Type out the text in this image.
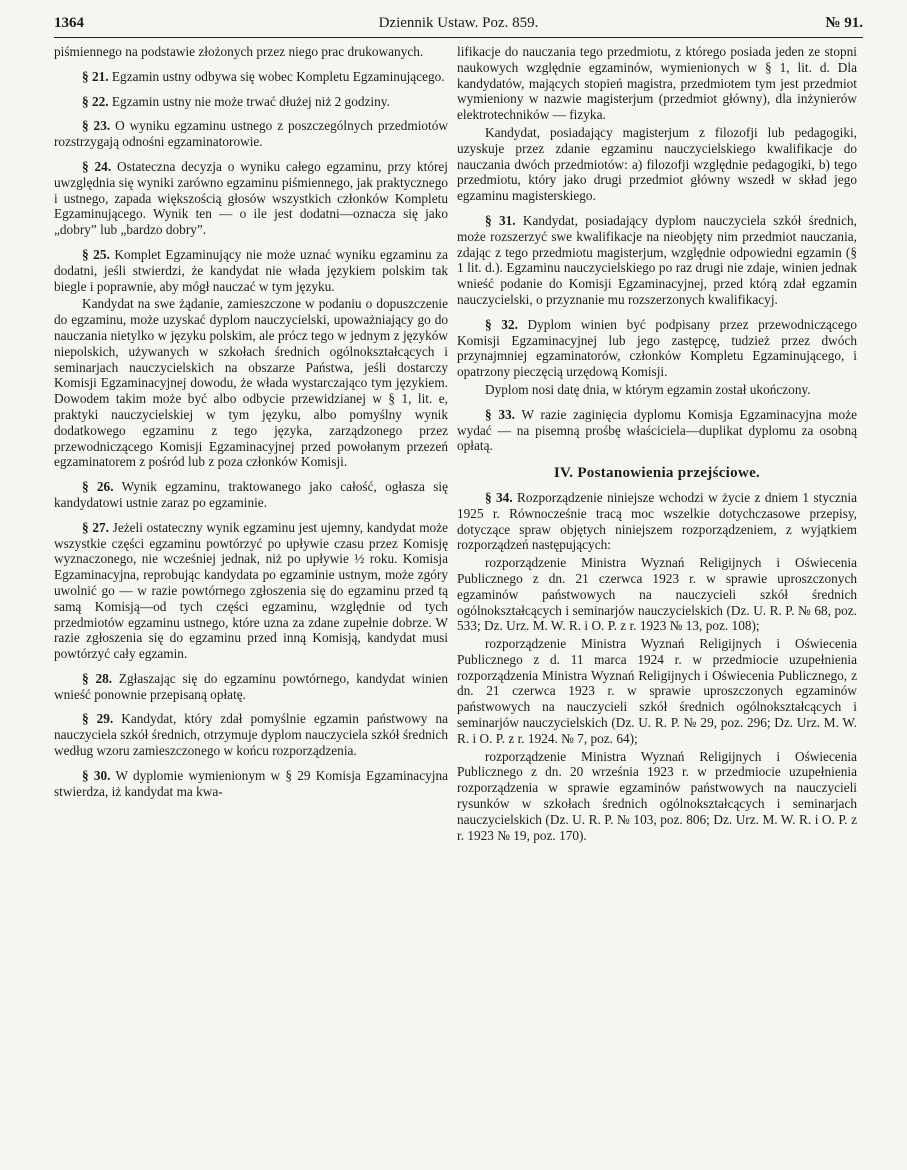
1364	Dziennik Ustaw. Poz. 859.	№ 91.

piśmiennego na podstawie złożonych przez niego prac drukowanych.

§ 21. Egzamin ustny odbywa się wobec Kompletu Egzaminującego.

§ 22. Egzamin ustny nie może trwać dłużej niż 2 godziny.

§ 23. O wyniku egzaminu ustnego z poszczególnych przedmiotów rozstrzygają odnośni egzaminatorowie.

§ 24. Ostateczna decyzja o wyniku całego egzaminu, przy której uwzględnia się wyniki zarówno egzaminu piśmiennego, jak praktycznego i ustnego, zapada większością głosów wszystkich członków Kompletu Egzaminującego. Wynik ten — o ile jest dodatni—oznacza się jako „dobry” lub „bardzo dobry”.

§ 25. Komplet Egzaminujący nie może uznać wyniku egzaminu za dodatni, jeśli stwierdzi, że kandydat nie włada językiem polskim tak biegle i poprawnie, aby mógł nauczać w tym języku.

Kandydat na swe żądanie, zamieszczone w podaniu o dopuszczenie do egzaminu, może uzyskać dyplom nauczycielski, upoważniający go do nauczania nietylko w języku polskim, ale prócz tego w jednym z języków niepolskich, używanych w szkołach średnich ogólnokształcących i seminarjach nauczycielskich na obszarze Państwa, jeśli dostarczy Komisji Egzaminacyjnej dowodu, że włada wystarczająco tym językiem. Dowodem takim może być albo odbycie przewidzianej w § 1, lit. e, praktyki nauczycielskiej w tym języku, albo pomyślny wynik dodatkowego egzaminu z tego języka, zarządzonego przez przewodniczącego Komisji Egzaminacyjnej przed powołanym przezeń egzaminatorem z pośród lub z poza członków Komisji.

§ 26. Wynik egzaminu, traktowanego jako całość, ogłasza się kandydatowi ustnie zaraz po egzaminie.

§ 27. Jeżeli ostateczny wynik egzaminu jest ujemny, kandydat może wszystkie części egzaminu powtórzyć po upływie czasu przez Komisję wyznaczonego, nie wcześniej jednak, niż po upływie ½ roku. Komisja Egzaminacyjna, reprobując kandydata po egzaminie ustnym, może zgóry uwolnić go — w razie powtórnego zgłoszenia się do egzaminu przed tą samą Komisją—od tych części egzaminu, względnie od tych przedmiotów egzaminu ustnego, które uzna za zdane zupełnie dobrze. W razie zgłoszenia się do egzaminu przed inną Komisją, kandydat musi powtórzyć cały egzamin.

§ 28. Zgłaszając się do egzaminu powtórnego, kandydat winien wnieść ponownie przepisaną opłatę.

§ 29. Kandydat, który zdał pomyślnie egzamin państwowy na nauczyciela szkół średnich, otrzymuje dyplom nauczyciela szkół średnich według wzoru zamieszczonego w końcu rozporządzenia.

§ 30. W dyplomie wymienionym w § 29 Komisja Egzaminacyjna stwierdza, iż kandydat ma kwa-

lifikacje do nauczania tego przedmiotu, z którego posiada jeden ze stopni naukowych względnie egzaminów, wymienionych w § 1, lit. d. Dla kandydatów, mających stopień magistra, przedmiotem tym jest przedmiot wymieniony w nazwie magisterjum (przedmiot główny), dla inżynierów elektrotechników — fizyka.

Kandydat, posiadający magisterjum z filozofji lub pedagogiki, uzyskuje przez zdanie egzaminu nauczycielskiego kwalifikacje do nauczania dwóch przedmiotów: a) filozofji względnie pedagogiki, b) tego przedmiotu, który jako drugi przedmiot główny wszedł w skład jego egzaminu magisterskiego.

§ 31. Kandydat, posiadający dyplom nauczyciela szkół średnich, może rozszerzyć swe kwalifikacje na nieobjęty nim przedmiot nauczania, zdając z tego przedmiotu magisterjum, względnie odpowiedni egzamin (§ 1 lit. d.). Egzaminu nauczycielskiego po raz drugi nie zdaje, winien jednak wnieść podanie do Komisji Egzaminacyjnej, przed którą zdał egzamin nauczycielski, o przyznanie mu rozszerzonych kwalifikacyj.

§ 32. Dyplom winien być podpisany przez przewodniczącego Komisji Egzaminacyjnej lub jego zastępcę, tudzież przez dwóch przynajmniej egzaminatorów, członków Kompletu Egzaminującego, i opatrzony pieczęcią urzędową Komisji.

Dyplom nosi datę dnia, w którym egzamin został ukończony.

§ 33. W razie zaginięcia dyplomu Komisja Egzaminacyjna może wydać — na pisemną prośbę właściciela—duplikat dyplomu za osobną opłatą.

IV. Postanowienia przejściowe.

§ 34. Rozporządzenie niniejsze wchodzi w życie z dniem 1 stycznia 1925 r. Równocześnie tracą moc wszelkie dotychczasowe przepisy, dotyczące spraw objętych niniejszem rozporządzeniem, z wyjątkiem rozporządzeń następujących:

rozporządzenie Ministra Wyznań Religijnych i Oświecenia Publicznego z dn. 21 czerwca 1923 r. w sprawie uproszczonych egzaminów państwowych na nauczycieli szkół średnich ogólnokształcących i seminarjów nauczycielskich (Dz. U. R. P. № 68, poz. 533; Dz. Urz. M. W. R. i O. P. z r. 1923 № 13, poz. 108);

rozporządzenie Ministra Wyznań Religijnych i Oświecenia Publicznego z d. 11 marca 1924 r. w przedmiocie uzupełnienia rozporządzenia Ministra Wyznań Religijnych i Oświecenia Publicznego, z dn. 21 czerwca 1923 r. w sprawie uproszczonych egzaminów państwowych na nauczycieli szkół średnich ogólnokształcących i seminarjów nauczycielskich (Dz. U. R. P. № 29, poz. 296; Dz. Urz. M. W. R. i O. P. z r. 1924. № 7, poz. 64);

rozporządzenie Ministra Wyznań Religijnych i Oświecenia Publicznego z dn. 20 września 1923 r. w przedmiocie uzupełnienia rozporządzenia w sprawie egzaminów państwowych na nauczycieli rysunków w szkołach średnich ogólnokształcących i seminarjach nauczycielskich (Dz. U. R. P. № 103, poz. 806; Dz. Urz. M. W. R. i O. P. z r. 1923 № 19, poz. 170).
